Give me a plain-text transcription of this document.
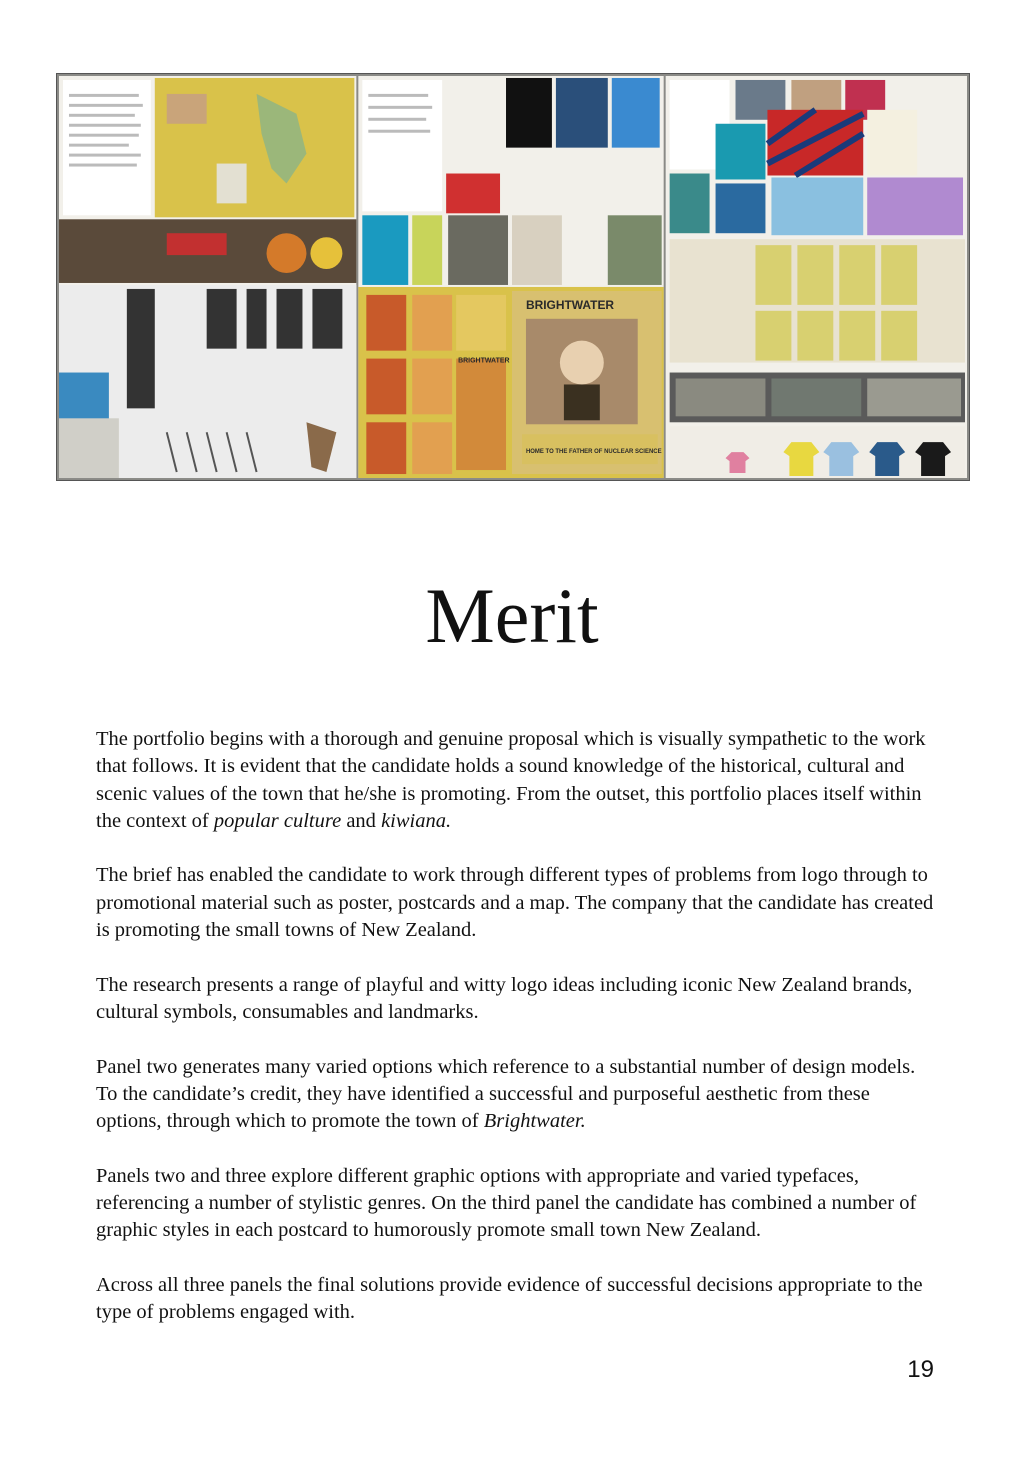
BRIGHTWATER
BRIGHTWATER
HOME TO THE FATHER OF NUCLEAR SCIENCE
Merit

The portfolio begins with a thorough and genuine proposal which is visually sympathetic to the work that follows. It is evident that the candidate holds a sound knowledge of the historical, cultural and scenic values of the town that he/she is promoting. From the outset, this portfolio places itself within the context of popular culture and kiwiana.

The brief has enabled the candidate to work through different types of problems from logo through to promotional material such as poster, postcards and a map. The company that the candidate has created is promoting the small towns of New Zealand.

The research presents a range of playful and witty logo ideas including iconic New Zealand brands, cultural symbols, consumables and landmarks.

Panel two generates many varied options which reference to a substantial number of design models. To the candidate’s credit, they have identified a successful and purposeful aesthetic from these options, through which to promote the town of Brightwater.

Panels two and three explore different graphic options with appropriate and varied typefaces, referencing a number of stylistic genres. On the third panel the candidate has combined a number of graphic styles in each postcard to humorously promote small town New Zealand.

Across all three panels the final solutions provide evidence of successful decisions appropriate to the type of problems engaged with.

19
